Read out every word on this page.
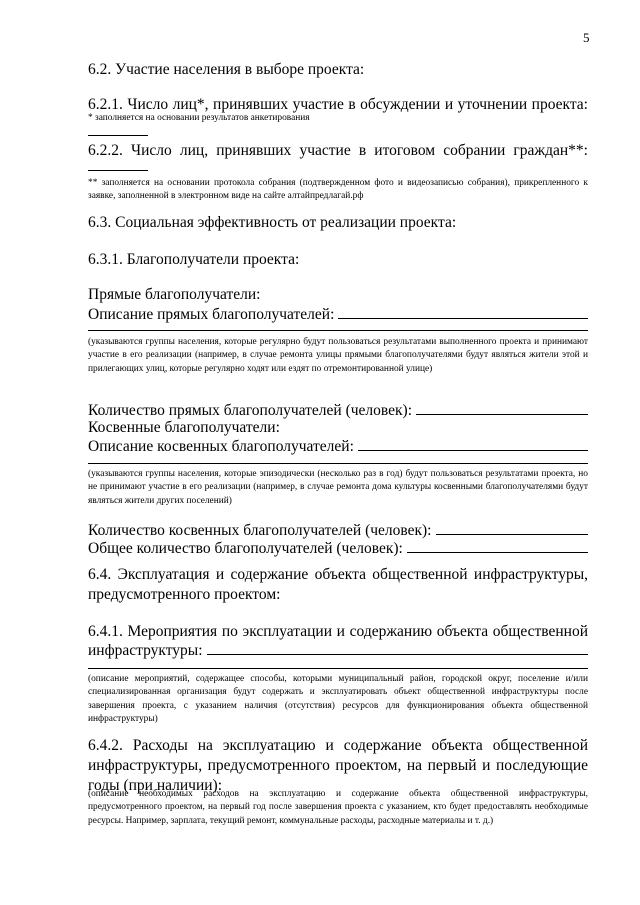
5
6.2. Участие населения в выборе проекта:
6.2.1. Число лиц*, принявших участие в обсуждении и уточнении проекта:
* заполняется на основании результатов анкетирования
6.2.2. Число лиц, принявших участие в итоговом собрании граждан**:
** заполняется на основании протокола собрания (подтвержденном фото и видеозаписью собрания), прикрепленного к заявке, заполненной в электронном виде на сайте алтайпредлагай.рф
6.3. Социальная эффективность от реализации проекта:
6.3.1. Благополучатели проекта:
Прямые благополучатели:
Описание прямых благополучателей:
(указываются группы населения, которые регулярно будут пользоваться результатами выполненного проекта и принимают участие в его реализации (например, в случае ремонта улицы прямыми благополучателями будут являться жители этой и прилегающих улиц, которые регулярно ходят или ездят по отремонтированной улице)
Количество прямых благополучателей (человек):
Косвенные благополучатели:
Описание косвенных благополучателей:
(указываются группы населения, которые эпизодически (несколько раз в год) будут пользоваться результатами проекта, но не принимают участие в его реализации (например, в случае ремонта дома культуры косвенными благополучателями будут являться жители других поселений)
Количество косвенных благополучателей (человек):
Общее количество благополучателей (человек):
6.4. Эксплуатация и содержание объекта общественной инфраструктуры, предусмотренного проектом:
6.4.1. Мероприятия по эксплуатации и содержанию объекта общественной
инфраструктуры:
(описание мероприятий, содержащее способы, которыми муниципальный район, городской округ, поселение и/или специализированная организация будут содержать и эксплуатировать объект общественной инфраструктуры после завершения проекта, с указанием наличия (отсутствия) ресурсов для функционирования объекта общественной инфраструктуры)
6.4.2. Расходы на эксплуатацию и содержание объекта общественной инфраструктуры, предусмотренного проектом, на первый и последующие годы (при наличии):
(описание необходимых расходов на эксплуатацию и содержание объекта общественной инфраструктуры, предусмотренного проектом, на первый год после завершения проекта с указанием, кто будет предоставлять необходимые ресурсы. Например, зарплата, текущий ремонт, коммунальные расходы, расходные материалы и т. д.)
